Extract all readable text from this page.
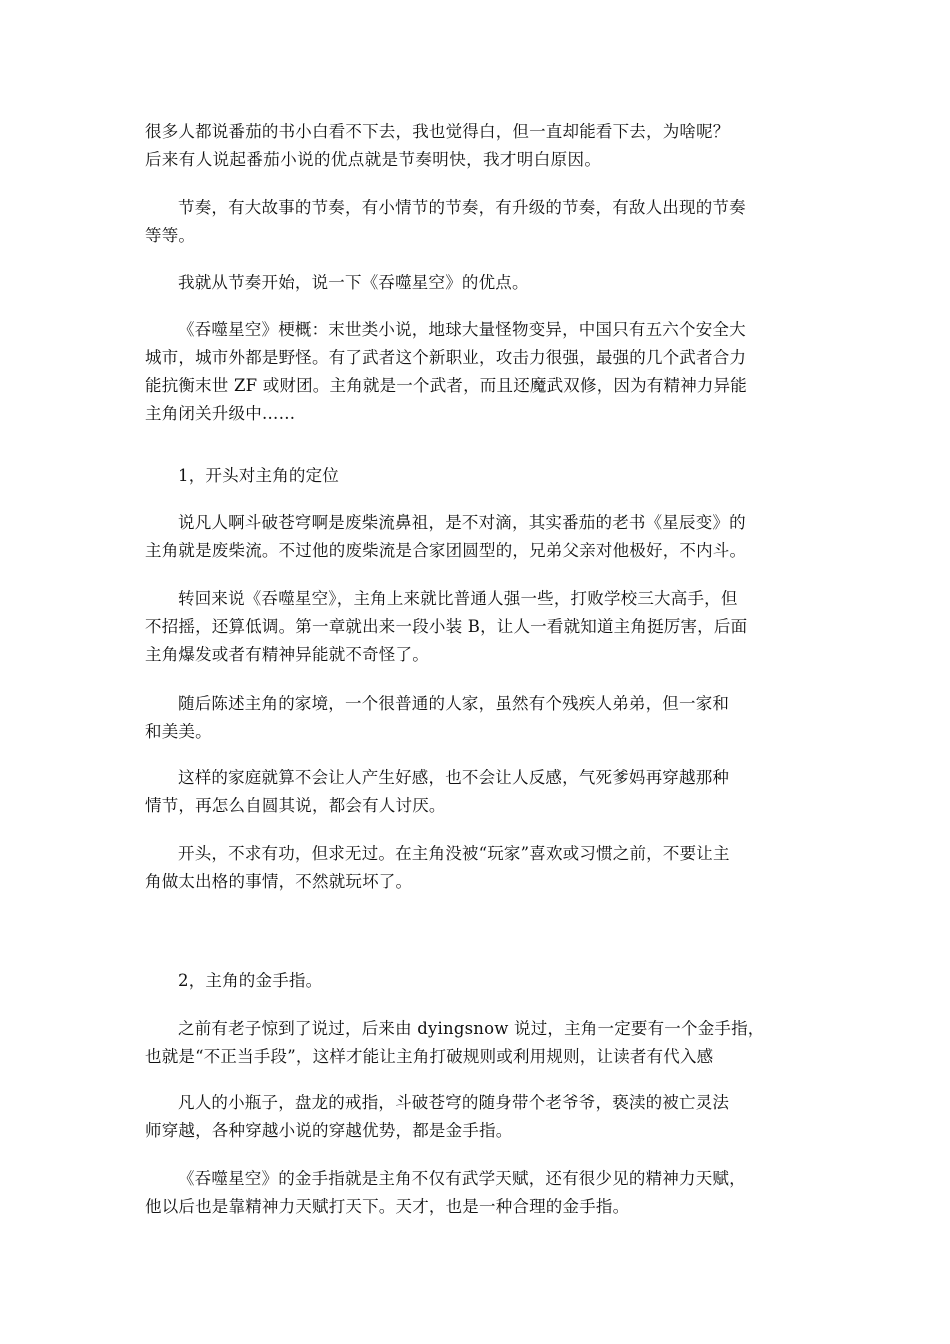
很多人都说番茄的书小白看不下去，我也觉得白，但一直却能看下去，为啥呢？
后来有人说起番茄小说的优点就是节奏明快，我才明白原因。

节奏，有大故事的节奏，有小情节的节奏，有升级的节奏，有敌人出现的节奏
等等。

我就从节奏开始，说一下《吞噬星空》的优点。

《吞噬星空》梗概：末世类小说，地球大量怪物变异，中国只有五六个安全大
城市，城市外都是野怪。有了武者这个新职业，攻击力很强，最强的几个武者合力
能抗衡末世 ZF 或财团。主角就是一个武者，而且还魔武双修，因为有精神力异能
主角闭关升级中……

1，开头对主角的定位

说凡人啊斗破苍穹啊是废柴流鼻祖，是不对滴，其实番茄的老书《星辰变》的
主角就是废柴流。不过他的废柴流是合家团圆型的，兄弟父亲对他极好，不内斗。

转回来说《吞噬星空》，主角上来就比普通人强一些，打败学校三大高手，但
不招摇，还算低调。第一章就出来一段小装 B，让人一看就知道主角挺厉害，后面
主角爆发或者有精神异能就不奇怪了。

随后陈述主角的家境，一个很普通的人家，虽然有个残疾人弟弟，但一家和
和美美。

这样的家庭就算不会让人产生好感，也不会让人反感，气死爹妈再穿越那种
情节，再怎么自圆其说，都会有人讨厌。

开头，不求有功，但求无过。在主角没被“玩家”喜欢或习惯之前，不要让主
角做太出格的事情，不然就玩坏了。

2，主角的金手指。

之前有老子惊到了说过，后来由 dyingsnow 说过，主角一定要有一个金手指，
也就是“不正当手段”，这样才能让主角打破规则或利用规则，让读者有代入感

凡人的小瓶子，盘龙的戒指，斗破苍穹的随身带个老爷爷，亵渎的被亡灵法
师穿越，各种穿越小说的穿越优势，都是金手指。

《吞噬星空》的金手指就是主角不仅有武学天赋，还有很少见的精神力天赋，
他以后也是靠精神力天赋打天下。天才，也是一种合理的金手指。
